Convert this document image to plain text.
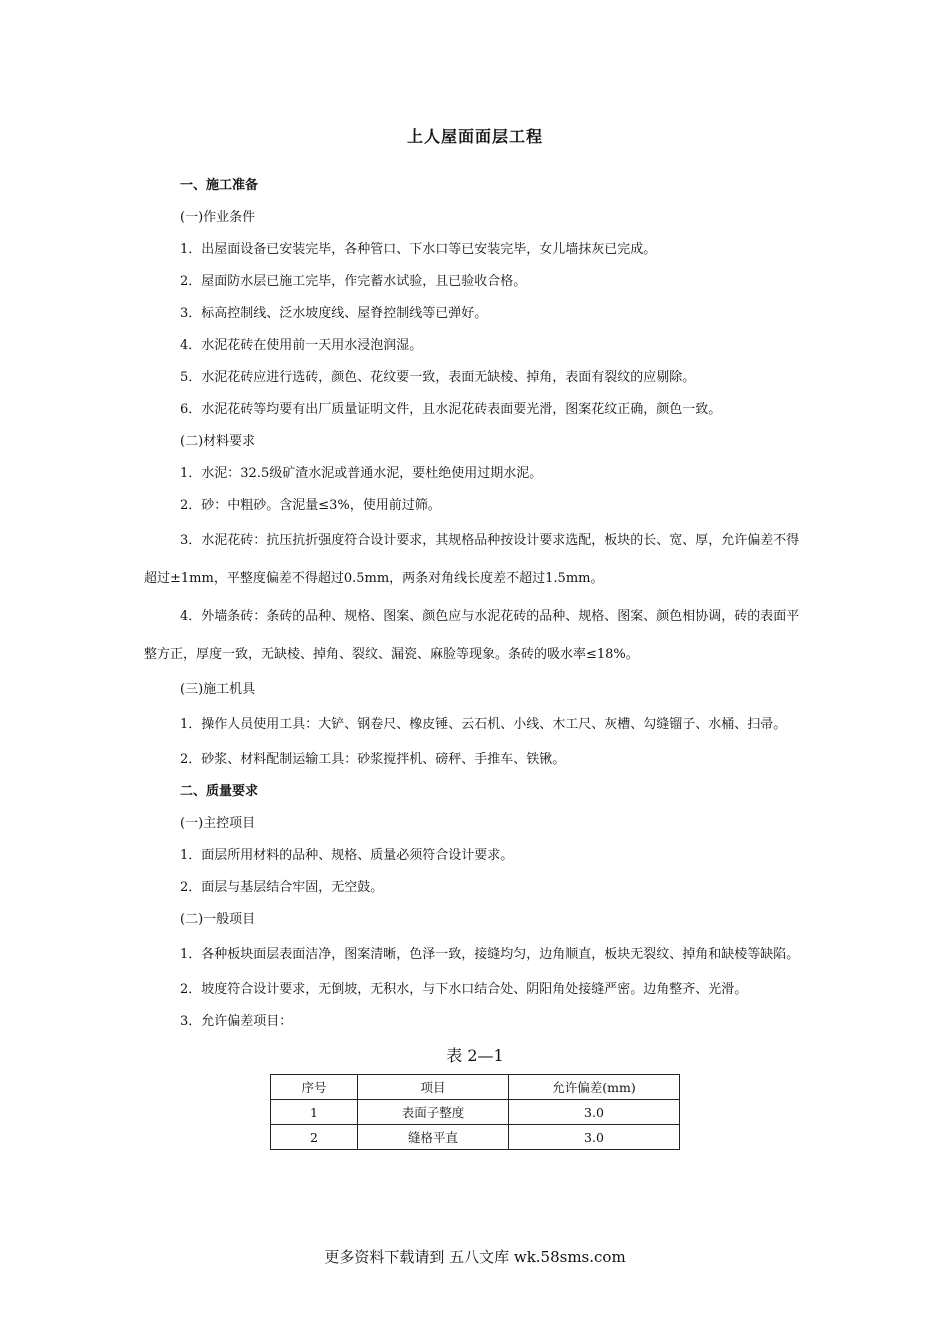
上人屋面面层工程
一、施工准备
(一)作业条件
1．出屋面设备已安装完毕，各种管口、下水口等已安装完毕，女儿墙抹灰已完成。
2．屋面防水层已施工完毕，作完蓄水试验，且已验收合格。
3．标高控制线、泛水坡度线、屋脊控制线等已弹好。
4．水泥花砖在使用前一天用水浸泡润湿。
5．水泥花砖应进行选砖，颜色、花纹要一致，表面无缺棱、掉角，表面有裂纹的应剔除。
6．水泥花砖等均要有出厂质量证明文件，且水泥花砖表面要光滑，图案花纹正确，颜色一致。
(二)材料要求
1．水泥：32.5级矿渣水泥或普通水泥，要杜绝使用过期水泥。
2．砂：中粗砂。含泥量≤3%，使用前过筛。
3．水泥花砖：抗压抗折强度符合设计要求，其规格品种按设计要求选配，板块的长、宽、厚，允许偏差不得超过±1mm，平整度偏差不得超过0.5mm，两条对角线长度差不超过1.5mm。
4．外墙条砖：条砖的品种、规格、图案、颜色应与水泥花砖的品种、规格、图案、颜色相协调，砖的表面平整方正，厚度一致，无缺棱、掉角、裂纹、漏瓷、麻脸等现象。条砖的吸水率≤18%。
(三)施工机具
1．操作人员使用工具：大铲、钢卷尺、橡皮锤、云石机、小线、木工尺、灰槽、勾缝镏子、水桶、扫帚。
2．砂浆、材料配制运输工具：砂浆搅拌机、磅秤、手推车、铁锹。
二、质量要求
(一)主控项目
1．面层所用材料的品种、规格、质量必须符合设计要求。
2．面层与基层结合牢固，无空鼓。
(二)一般项目
1．各种板块面层表面洁净，图案清晰，色泽一致，接缝均匀，边角顺直，板块无裂纹、掉角和缺棱等缺陷。
2．坡度符合设计要求，无倒坡，无积水，与下水口结合处、阴阳角处接缝严密。边角整齐、光滑。
3．允许偏差项目：
表 2—1
序号	项目	允许偏差(mm)
1	表面子整度	3.0
2	缝格平直	3.0
更多资料下载请到 五八文库 wk.58sms.com
